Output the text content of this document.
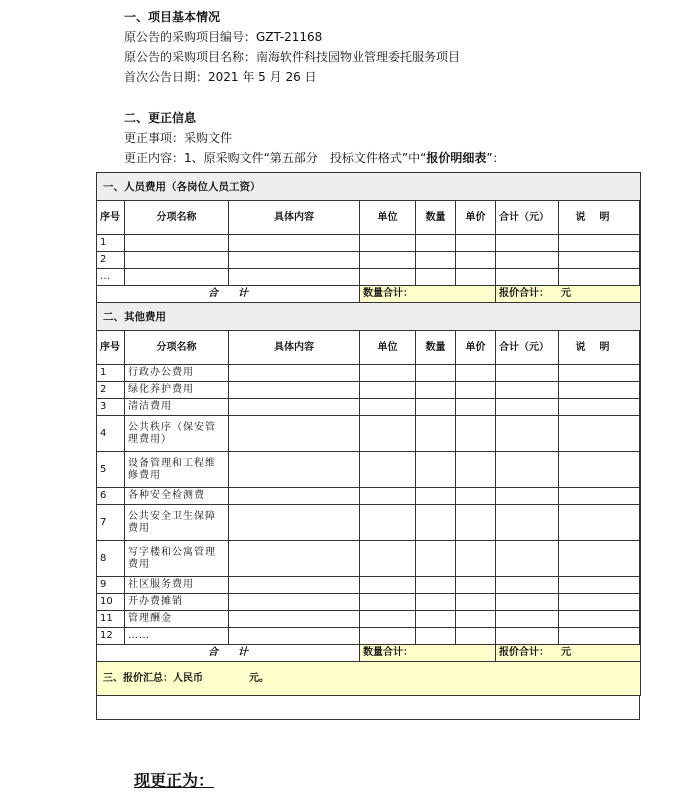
一、项目基本情况
原公告的采购项目编号：GZT-21168
原公告的采购项目名称：南海软件科技园物业管理委托服务项目
首次公告日期：2021 年 5 月 26 日
二、更正信息
更正事项：采购文件
更正内容：1、原采购文件“第五部分　投标文件格式”中“报价明细表”：
一、人员费用（各岗位人员工资）							
序号	分项名称	具体内容	单位	数量	单价	合计（元）	说明
1							
2							
…							
合　　计			数量合计：			报价合计： 元	
二、其他费用							
序号	分项名称	具体内容	单位	数量	单价	合计（元）	说明
1	行政办公费用						
2	绿化养护费用						
3	清洁费用						
4	公共秩序（保安管理费用）						
5	设备管理和工程维修费用						
6	各种安全检测费						
7	公共安全卫生保障费用						
8	写字楼和公寓管理费用						
9	社区服务费用						
10	开办费摊销						
11	管理酬金						
12	……						
合　　计			数量合计：			报价合计： 元	
三、报价汇总：人民币 元。							
现更正为：
